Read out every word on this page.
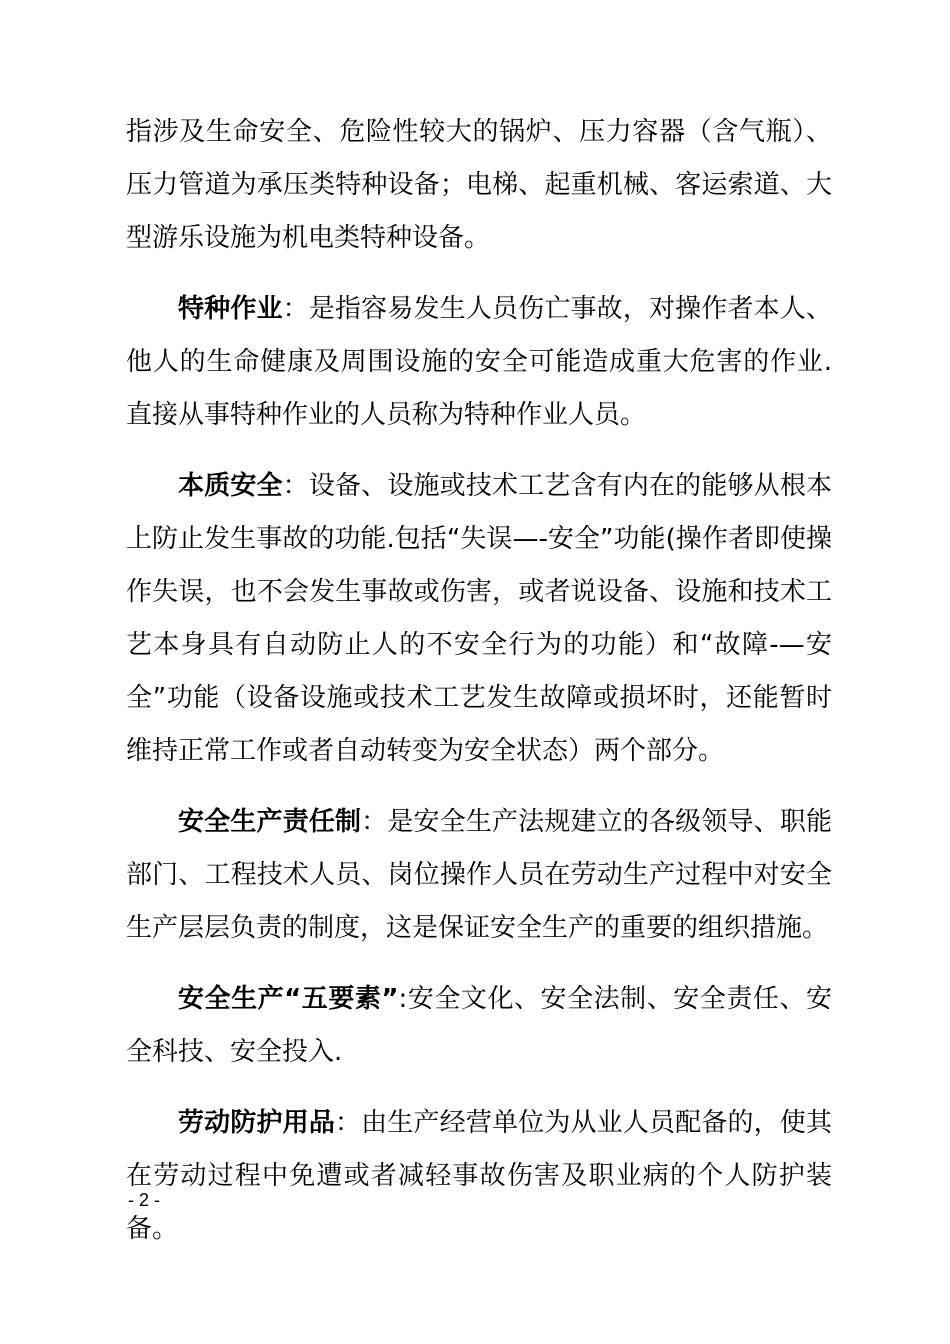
指涉及生命安全、危险性较大的锅炉、压力容器（含气瓶）、压力管道为承压类特种设备；电梯、起重机械、客运索道、大型游乐设施为机电类特种设备。

特种作业：是指容易发生人员伤亡事故，对操作者本人、他人的生命健康及周围设施的安全可能造成重大危害的作业.直接从事特种作业的人员称为特种作业人员。

本质安全：设备、设施或技术工艺含有内在的能够从根本上防止发生事故的功能.包括“失误—-安全”功能(操作者即使操作失误，也不会发生事故或伤害，或者说设备、设施和技术工艺本身具有自动防止人的不安全行为的功能）和“故障-—安全”功能（设备设施或技术工艺发生故障或损坏时，还能暂时维持正常工作或者自动转变为安全状态）两个部分。

安全生产责任制：是安全生产法规建立的各级领导、职能部门、工程技术人员、岗位操作人员在劳动生产过程中对安全生产层层负责的制度，这是保证安全生产的重要的组织措施。

安全生产“五要素”:安全文化、安全法制、安全责任、安全科技、安全投入.

劳动防护用品：由生产经营单位为从业人员配备的，使其在劳动过程中免遭或者减轻事故伤害及职业病的个人防护装备。

- 2 -
